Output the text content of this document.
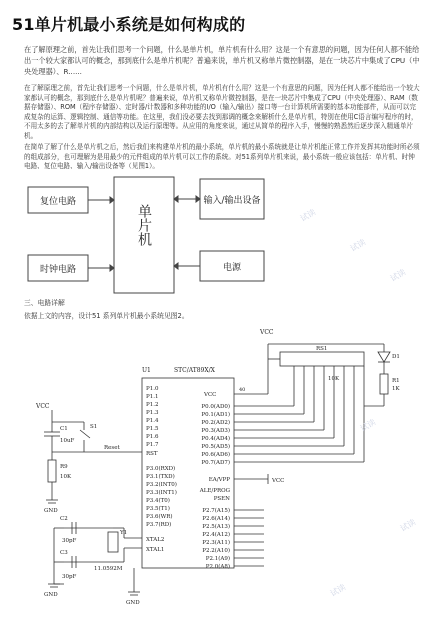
51单片机最小系统是如何构成的
在了解原理之前，首先让我们思考一个问题，什么是单片机，单片机有什么用？这是一个有意思的问题，因为任何人都不能给出一个较大家都认可的概念，那到底什么是单片机呢？普遍来说，单片机又称单片微控制器，是在一块芯片中集成了CPU（中央处理器）、R......
在了解原理之前，首先让我们思考一个问题，什么是单片机，单片机有什么用？这是一个有意思的问题，因为任何人都不能给出一个较大家都认可的概念，那到底什么是单片机呢？普遍来说，单片机又称单片微控制器，是在一块芯片中集成了CPU（中央处理器）、RAM（数据存储器）、ROM（程序存储器）、定时器/计数器和多种功能的I/O（输入/输出）接口等一台计算机所需要的基本功能部件，从而可以完成复杂的运算、逻辑控制、通信等功能。在这里，我们没必要去找到那调的概念来解析什么是单片机，特别在使用C语言编写程序的时，不用太多的去了解单片机的内部结构以及运行原理等。从应用的角度来说，通过从简单的程序入手，慢慢的熟悉然后逐步深入精通单片机。
在简单了解了什么是单片机之后，然后我们来构建单片机的最小系统，单片机的最小系统就是让单片机能正常工作并发挥其功能时所必须的组成部分，也可理解为是用最少的元件组成的单片机可以工作的系统。对51系列单片机来说，最小系统一般应该包括：单片机、时钟电路、复位电路、输入/输出设备等（见图1）。
复位电路
时钟电路
单片机
输入/输出设备
电源
三、电路详解
依据上文的内容，设计51 系列单片机最小系统见图2。
U1	STC/AT89X/X
40
VCC
VCC
RS1
10K
D1
R1
1K
P1.0
P1.1
P1.2
P1.3
P1.4
P1.5
P1.6
P1.7
RST
P3.0(RXD)
P3.1(TXD)
P3.2(INT0)
P3.3(INT1)
P3.4(T0)
P3.5(T1)
P3.6(WR)
P3.7(RD)
XTAL2
XTAL1
P0.0(AD0)
P0.1(AD1)
P0.2(AD2)
P0.3(AD3)
P0.4(AD4)
P0.5(AD5)
P0.6(AD6)
P0.7(AD7)
EA/VPP
ALE/PROG
PSEN
P2.7(A15)
P2.6(A14)
P2.5(A13)
P2.4(A12)
P2.3(A11)
P2.2(A10)
P2.1(A9)
P2.0(A8)
VCC
VCC
C1
10uF
S1
Reset
R9
10K
GND
C2
30pF
C3
30pF
Y1
11.0592M
GND
GND
试读
试读
试读
试读
试读
试读
